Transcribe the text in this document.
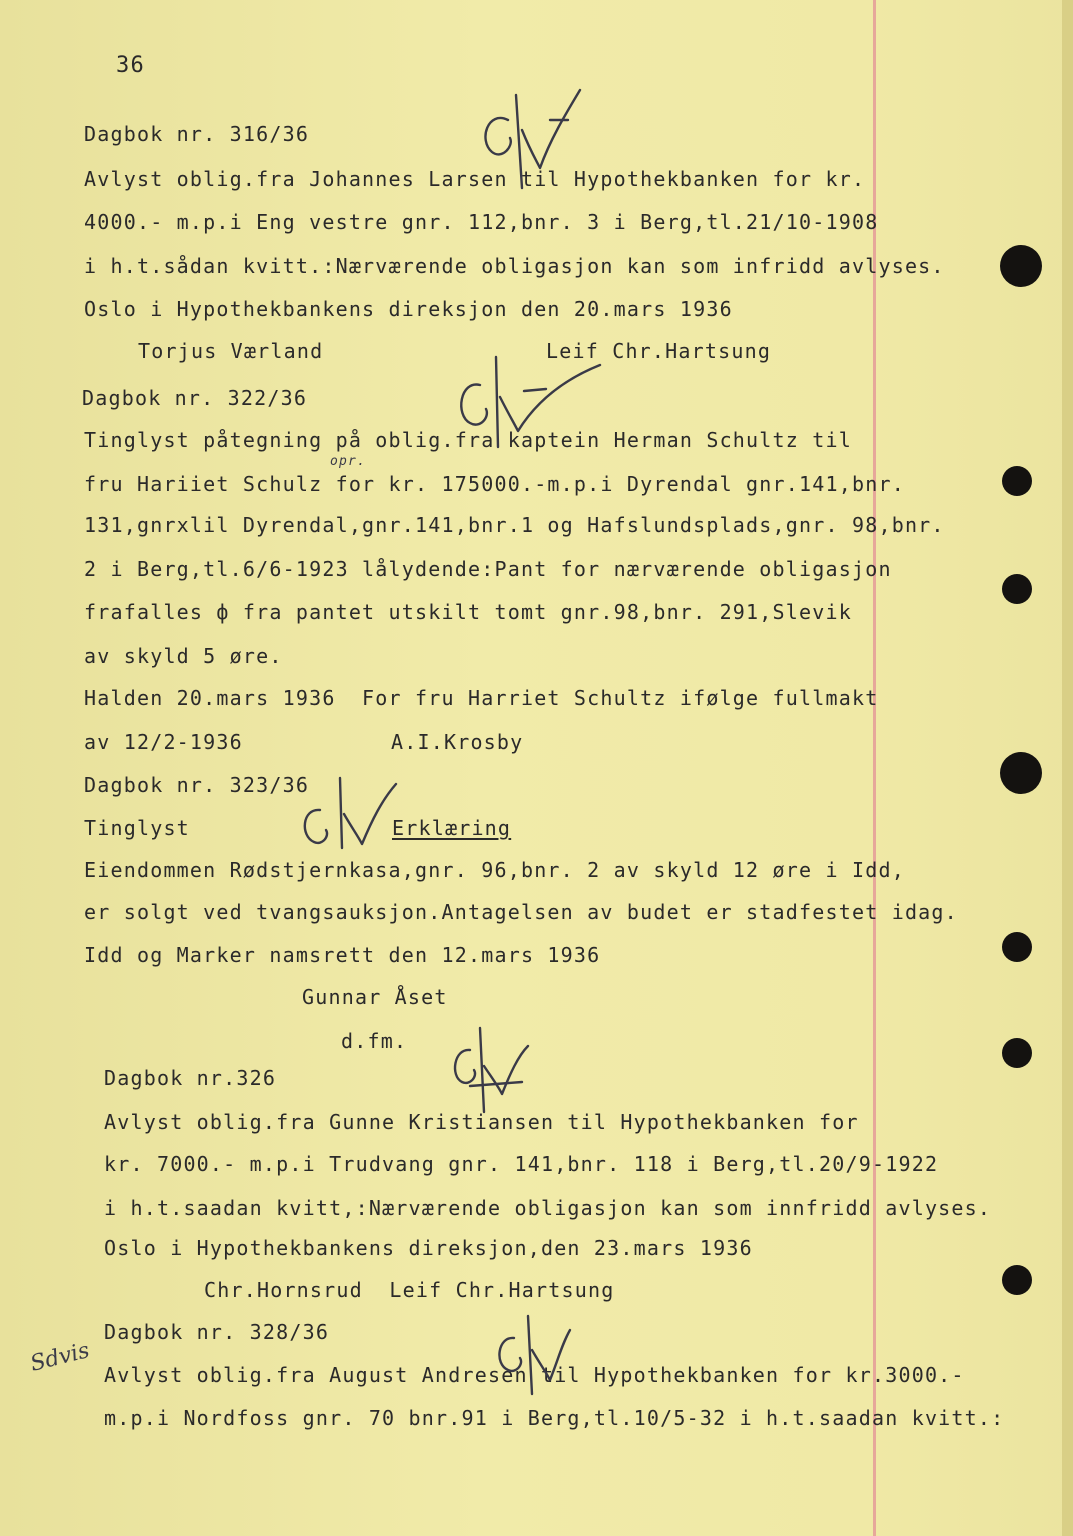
36
Dagbok nr. 316/36
Avlyst oblig.fra Johannes Larsen til Hypothekbanken for kr.
4000.- m.p.i Eng vestre gnr. 112,bnr. 3 i Berg,tl.21/10-1908
i h.t.sådan kvitt.:Nærværende obligasjon kan som infridd avlyses.
Oslo i Hypothekbankens direksjon den 20.mars 1936
Torjus Værland	Leif Chr.Hartsung
Dagbok nr. 322/36
Tinglyst påtegning på oblig.fra kaptein Herman Schultz til
fru Hariiet Schulz for kr. 175000.-m.p.i Dyrendal gnr.141,bnr.
opr.
131,gnrxlil Dyrendal,gnr.141,bnr.1 og Hafslundsplads,gnr. 98,bnr.
2 i Berg,tl.6/6-1923 lålydende:Pant for nærværende obligasjon
frafalles ф fra pantet utskilt tomt gnr.98,bnr. 291,Slevik
av skyld 5 øre.
Halden 20.mars 1936  For fru Harriet Schultz ifølge fullmakt
av 12/2-1936	A.I.Krosby
Dagbok nr. 323/36
Tinglyst	Erklæring
Eiendommen Rødstjernkasa,gnr. 96,bnr. 2 av skyld 12 øre i Idd,
er solgt ved tvangsauksjon.Antagelsen av budet er stadfestet idag.
Idd og Marker namsrett den 12.mars 1936
Gunnar Åset
d.fm.
Dagbok nr.326
Avlyst oblig.fra Gunne Kristiansen til Hypothekbanken for
kr. 7000.- m.p.i Trudvang gnr. 141,bnr. 118 i Berg,tl.20/9-1922
i h.t.saadan kvitt,:Nærværende obligasjon kan som innfridd avlyses.
Oslo i Hypothekbankens direksjon,den 23.mars 1936
Chr.Hornsrud  Leif Chr.Hartsung
Dagbok nr. 328/36
Avlyst oblig.fra August Andresen til Hypothekbanken for kr.3000.-
m.p.i Nordfoss gnr. 70 bnr.91 i Berg,tl.10/5-32 i h.t.saadan kvitt.:
Sdvis
